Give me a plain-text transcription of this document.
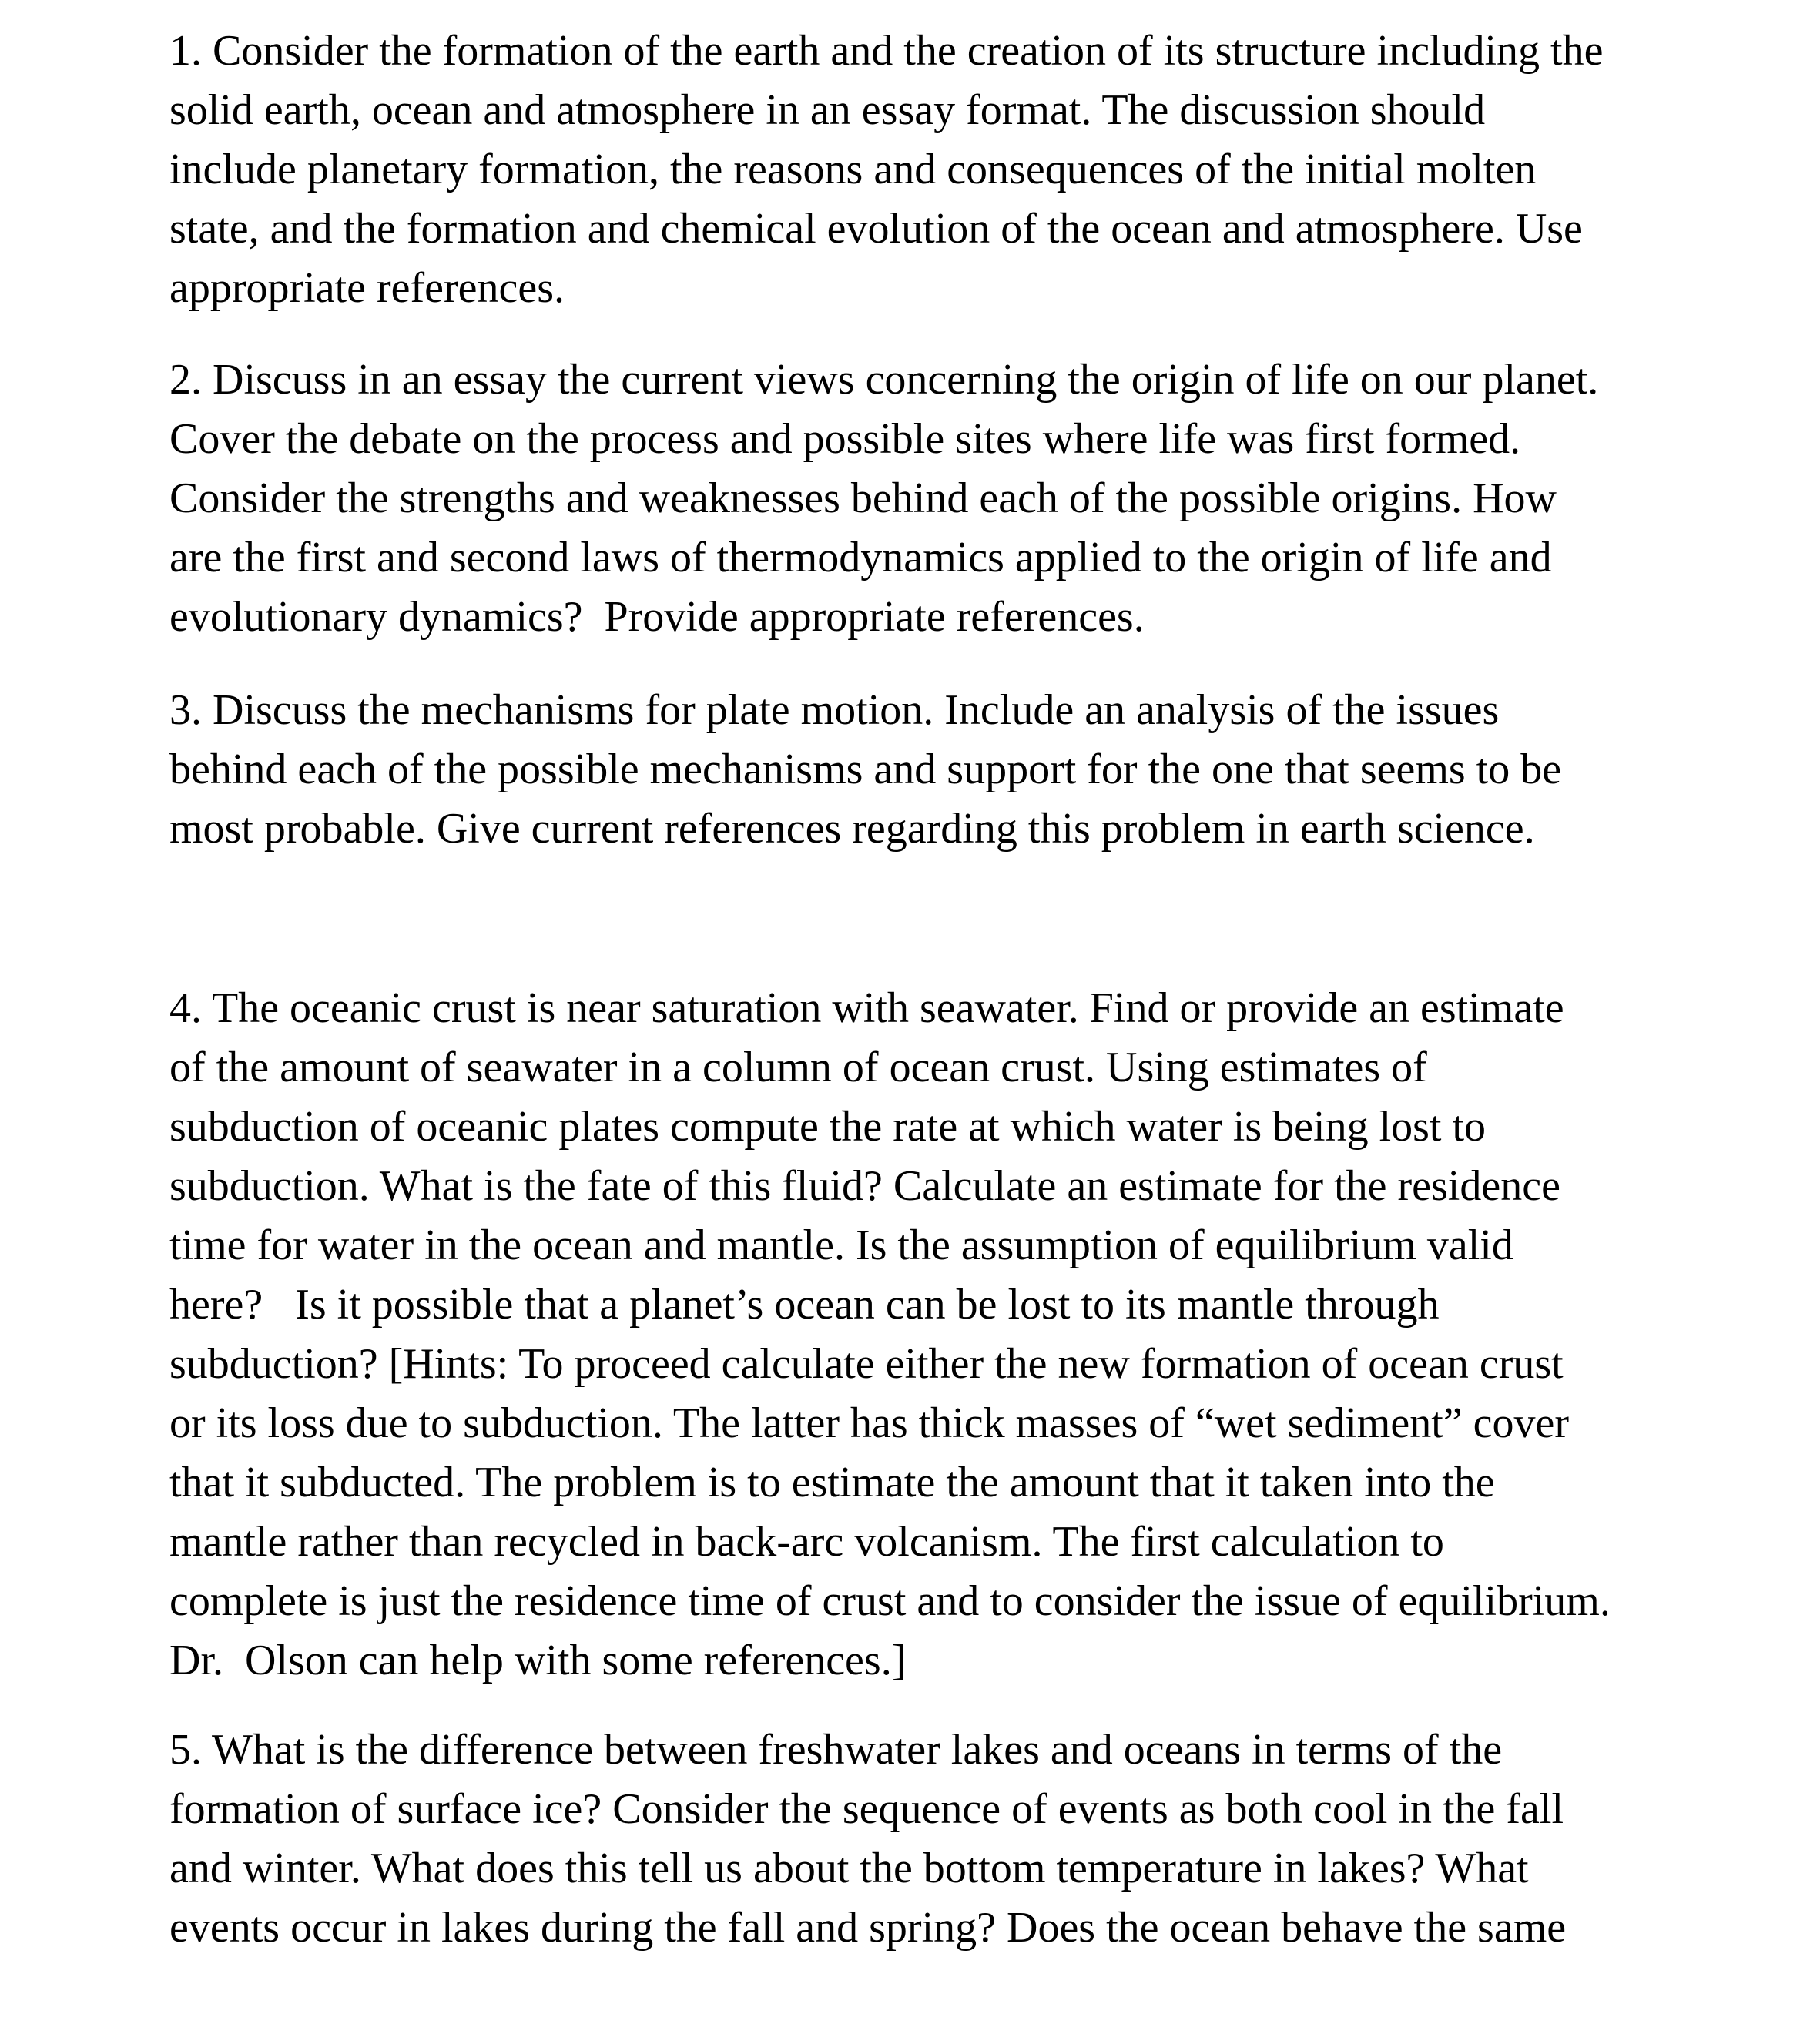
1. Consider the formation of the earth and the creation of its structure including the
solid earth, ocean and atmosphere in an essay format. The discussion should
include planetary formation, the reasons and consequences of the initial molten
state, and the formation and chemical evolution of the ocean and atmosphere. Use
appropriate references.

2. Discuss in an essay the current views concerning the origin of life on our planet.
Cover the debate on the process and possible sites where life was first formed.
Consider the strengths and weaknesses behind each of the possible origins. How
are the first and second laws of thermodynamics applied to the origin of life and
evolutionary dynamics?  Provide appropriate references.

3. Discuss the mechanisms for plate motion. Include an analysis of the issues
behind each of the possible mechanisms and support for the one that seems to be
most probable. Give current references regarding this problem in earth science.

4. The oceanic crust is near saturation with seawater. Find or provide an estimate
of the amount of seawater in a column of ocean crust. Using estimates of
subduction of oceanic plates compute the rate at which water is being lost to
subduction. What is the fate of this fluid? Calculate an estimate for the residence
time for water in the ocean and mantle. Is the assumption of equilibrium valid
here?   Is it possible that a planet’s ocean can be lost to its mantle through
subduction? [Hints: To proceed calculate either the new formation of ocean crust
or its loss due to subduction. The latter has thick masses of “wet sediment” cover
that it subducted. The problem is to estimate the amount that it taken into the
mantle rather than recycled in back-arc volcanism. The first calculation to
complete is just the residence time of crust and to consider the issue of equilibrium.
Dr.  Olson can help with some references.]

5. What is the difference between freshwater lakes and oceans in terms of the
formation of surface ice? Consider the sequence of events as both cool in the fall
and winter. What does this tell us about the bottom temperature in lakes? What
events occur in lakes during the fall and spring? Does the ocean behave the same
